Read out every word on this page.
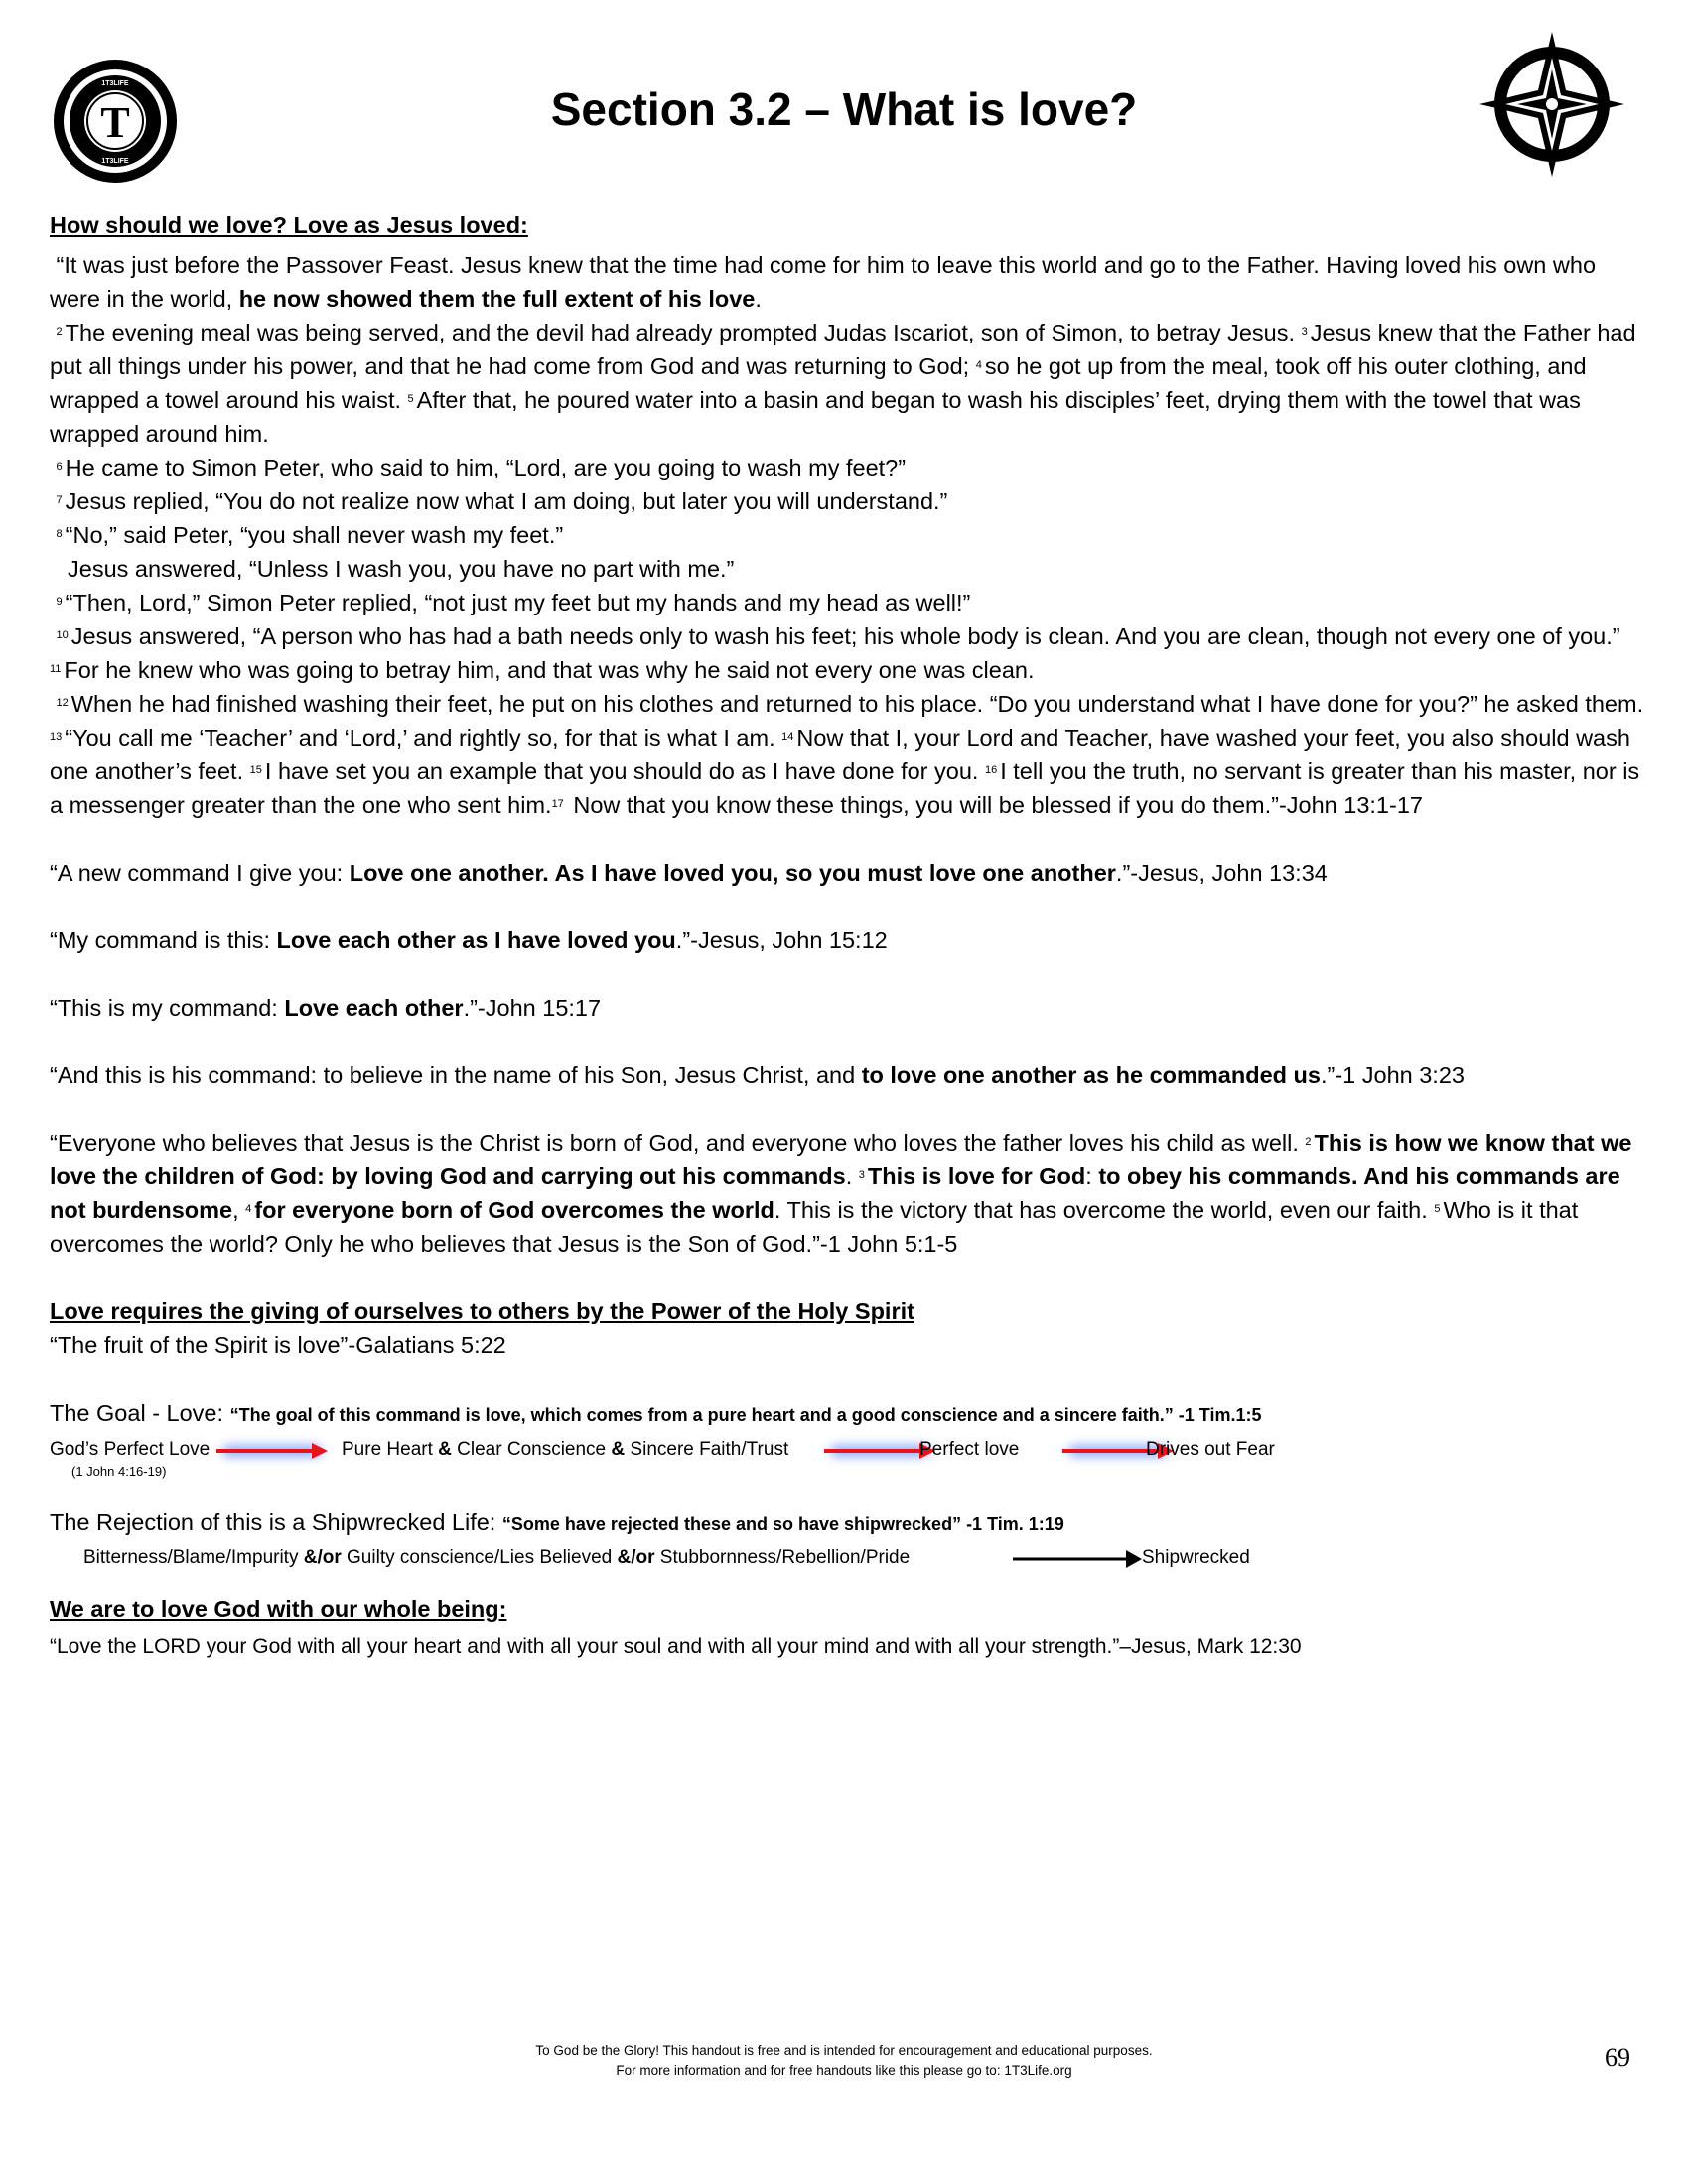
1T3LIFE
1T3LIFE
T	Section 3.2 – What is love?

How should we love? Love as Jesus loved:

“It was just before the Passover Feast. Jesus knew that the time had come for him to leave this world and go to the Father. Having loved his own who were in the world, he now showed them the full extent of his love.

$^2$ The evening meal was being served, and the devil had already prompted Judas Iscariot, son of Simon, to betray Jesus. $^3$ Jesus knew that the Father had put all things under his power, and that he had come from God and was returning to God; $^4$ so he got up from the meal, took off his outer clothing, and wrapped a towel around his waist. $^5$ After that, he poured water into a basin and began to wash his disciples’ feet, drying them with the towel that was wrapped around him.

$^6$ He came to Simon Peter, who said to him, “Lord, are you going to wash my feet?”

$^7$ Jesus replied, “You do not realize now what I am doing, but later you will understand.”

$^8$ “No,” said Peter, “you shall never wash my feet.”

Jesus answered, “Unless I wash you, you have no part with me.”

$^9$ “Then, Lord,” Simon Peter replied, “not just my feet but my hands and my head as well!”

$^{10}$ Jesus answered, “A person who has had a bath needs only to wash his feet; his whole body is clean. And you are clean, though not every one of you.” $^{11}$ For he knew who was going to betray him, and that was why he said not every one was clean.

$^{12}$ When he had finished washing their feet, he put on his clothes and returned to his place. “Do you understand what I have done for you?” he asked them. $^{13}$ “You call me ‘Teacher’ and ‘Lord,’ and rightly so, for that is what I am. $^{14}$ Now that I, your Lord and Teacher, have washed your feet, you also should wash one another’s feet. $^{15}$ I have set you an example that you should do as I have done for you. $^{16}$ I tell you the truth, no servant is greater than his master, nor is a messenger greater than the one who sent him.$^{17}$ Now that you know these things, you will be blessed if you do them.”-John 13:1-17

“A new command I give you: Love one another. As I have loved you, so you must love one another.”-Jesus, John 13:34

“My command is this: Love each other as I have loved you.”-Jesus, John 15:12

“This is my command: Love each other.”-John 15:17

“And this is his command: to believe in the name of his Son, Jesus Christ, and to love one another as he commanded us.”-1 John 3:23

“Everyone who believes that Jesus is the Christ is born of God, and everyone who loves the father loves his child as well. $^2$ This is how we know that we love the children of God: by loving God and carrying out his commands. $^3$ This is love for God: to obey his commands. And his commands are not burdensome, $^4$ for everyone born of God overcomes the world. This is the victory that has overcome the world, even our faith. $^5$ Who is it that overcomes the world? Only he who believes that Jesus is the Son of God.”-1 John 5:1-5

Love requires the giving of ourselves to others by the Power of the Holy Spirit

“The fruit of the Spirit is love”-Galatians 5:22

The Goal - Love: “The goal of this command is love, which comes from a pure heart and a good conscience and a sincere faith.” -1 Tim.1:5

God’s Perfect Love	Pure Heart & Clear Conscience & Sincere Faith/Trust	Perfect love	Drives out Fear

(1 John 4:16-19)

The Rejection of this is a Shipwrecked Life: “Some have rejected these and so have shipwrecked” -1 Tim. 1:19

Bitterness/Blame/Impurity &/or Guilty conscience/Lies Believed &/or Stubbornness/Rebellion/Pride	Shipwrecked

We are to love God with our whole being:

“Love the LORD your God with all your heart and with all your soul and with all your mind and with all your strength.”–Jesus, Mark 12:30

To God be the Glory! This handout is free and is intended for encouragement and educational purposes.
For more information and for free handouts like this please go to: 1T3Life.org	69
